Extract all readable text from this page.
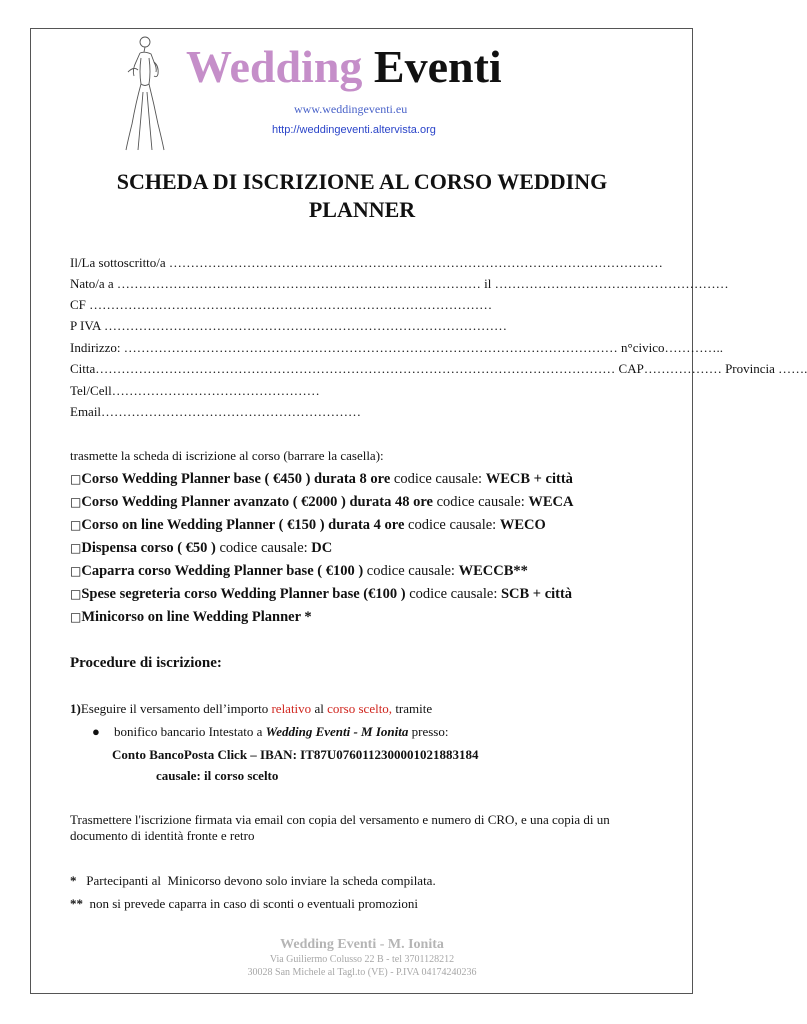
Wedding Eventi
www.weddingeventi.eu
http://weddingeventi.altervista.org
SCHEDA DI ISCRIZIONE AL CORSO WEDDING PLANNER
Il/La sottoscritto/a ……………………………………………………………………………………………………
Nato/a a ………………………………………………………………………… il ………………………………………………
CF …………………………………………………………………………………
P IVA …………………………………………………………………………………
Indirizzo: …………………………………………………………………………………………………… n°civico…………..
Citta………………………………………………………………………………………………………… CAP……………… Provincia …….
Tel/Cell…………………………………………
Email……………………………………………………
trasmette la scheda di iscrizione al corso (barrare la casella):
□Corso Wedding Planner base ( €450 ) durata 8 ore codice causale: WECB + città
□Corso Wedding Planner avanzato ( €2000 ) durata 48 ore codice causale: WECA
□Corso on line Wedding Planner ( €150 ) durata 4 ore codice causale: WECO
□Dispensa corso ( €50 ) codice causale: DC
□Caparra corso Wedding Planner base ( €100 ) codice causale: WECCB**
□Spese segreteria corso Wedding Planner base (€100 ) codice causale: SCB + città
□Minicorso on line Wedding Planner *
Procedure di iscrizione:
1)Eseguire il versamento dell’importo relativo al corso scelto, tramite
● bonifico bancario Intestato a Wedding Eventi - M Ionita presso:
Conto BancoPosta Click – IBAN: IT87U0760112300001021883184
causale: il corso scelto
Trasmettere l'iscrizione firmata via email con copia del versamento e numero di CRO, e una copia di un documento di identità fronte e retro
*   Partecipanti al  Minicorso devono solo inviare la scheda compilata.
**  non si prevede caparra in caso di sconti o eventuali promozioni
Wedding Eventi - M. Ionita
Via Guiliermo Colusso 22 B - tel 3701128212
30028 San Michele al Tagl.to (VE) - P.IVA 04174240236
